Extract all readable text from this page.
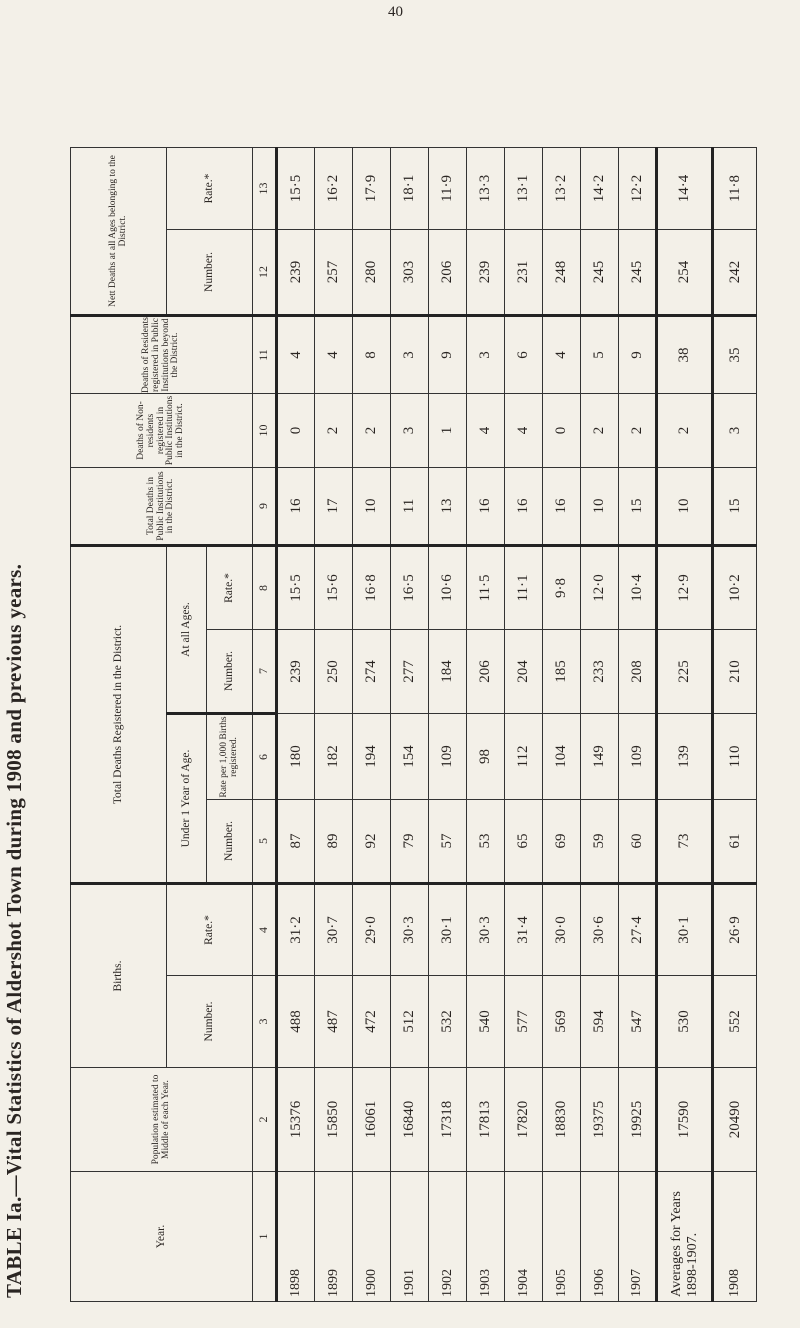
40
TABLE Ia.—Vital Statistics of Aldershot Town during 1908 and previous years.	Year.	Population estimated to Middle of each Year.	Births.		Total Deaths Registered in the District.				Total Deaths in Public Institutions in the District.	Deaths of Non-residents registered in Public Institutions in the District.	Deaths of Residents registered in Public Institutions beyond the District.	Nett Deaths at all Ages belonging to the District.	
		Number.	Rate.*	Under 1 Year of Age.		At all Ages.					Number.	Rate.*
				Number.	Rate per 1,000 Births registered.	Number.	Rate.*					
1	2	3	4	5	6	7	8	9	10	11	12	13
1898	15376	488	31·2	87	180	239	15·5	16	0	4	239	15·5
1899	15850	487	30·7	89	182	250	15·6	17	2	4	257	16·2
1900	16061	472	29·0	92	194	274	16·8	10	2	8	280	17·9
1901	16840	512	30·3	79	154	277	16·5	11	3	3	303	18·1
1902	17318	532	30·1	57	109	184	10·6	13	1	9	206	11·9
1903	17813	540	30·3	53	98	206	11·5	16	4	3	239	13·3
1904	17820	577	31·4	65	112	204	11·1	16	4	6	231	13·1
1905	18830	569	30·0	69	104	185	9·8	16	0	4	248	13·2
1906	19375	594	30·6	59	149	233	12·0	10	2	5	245	14·2
1907	19925	547	27·4	60	109	208	10·4	15	2	9	245	12·2
Averages for Years 1898-1907.	17590	530	30·1	73	139	225	12·9	10	2	38	254	14·4
1908	20490	552	26·9	61	110	210	10·2	15	3	35	242	11·8
